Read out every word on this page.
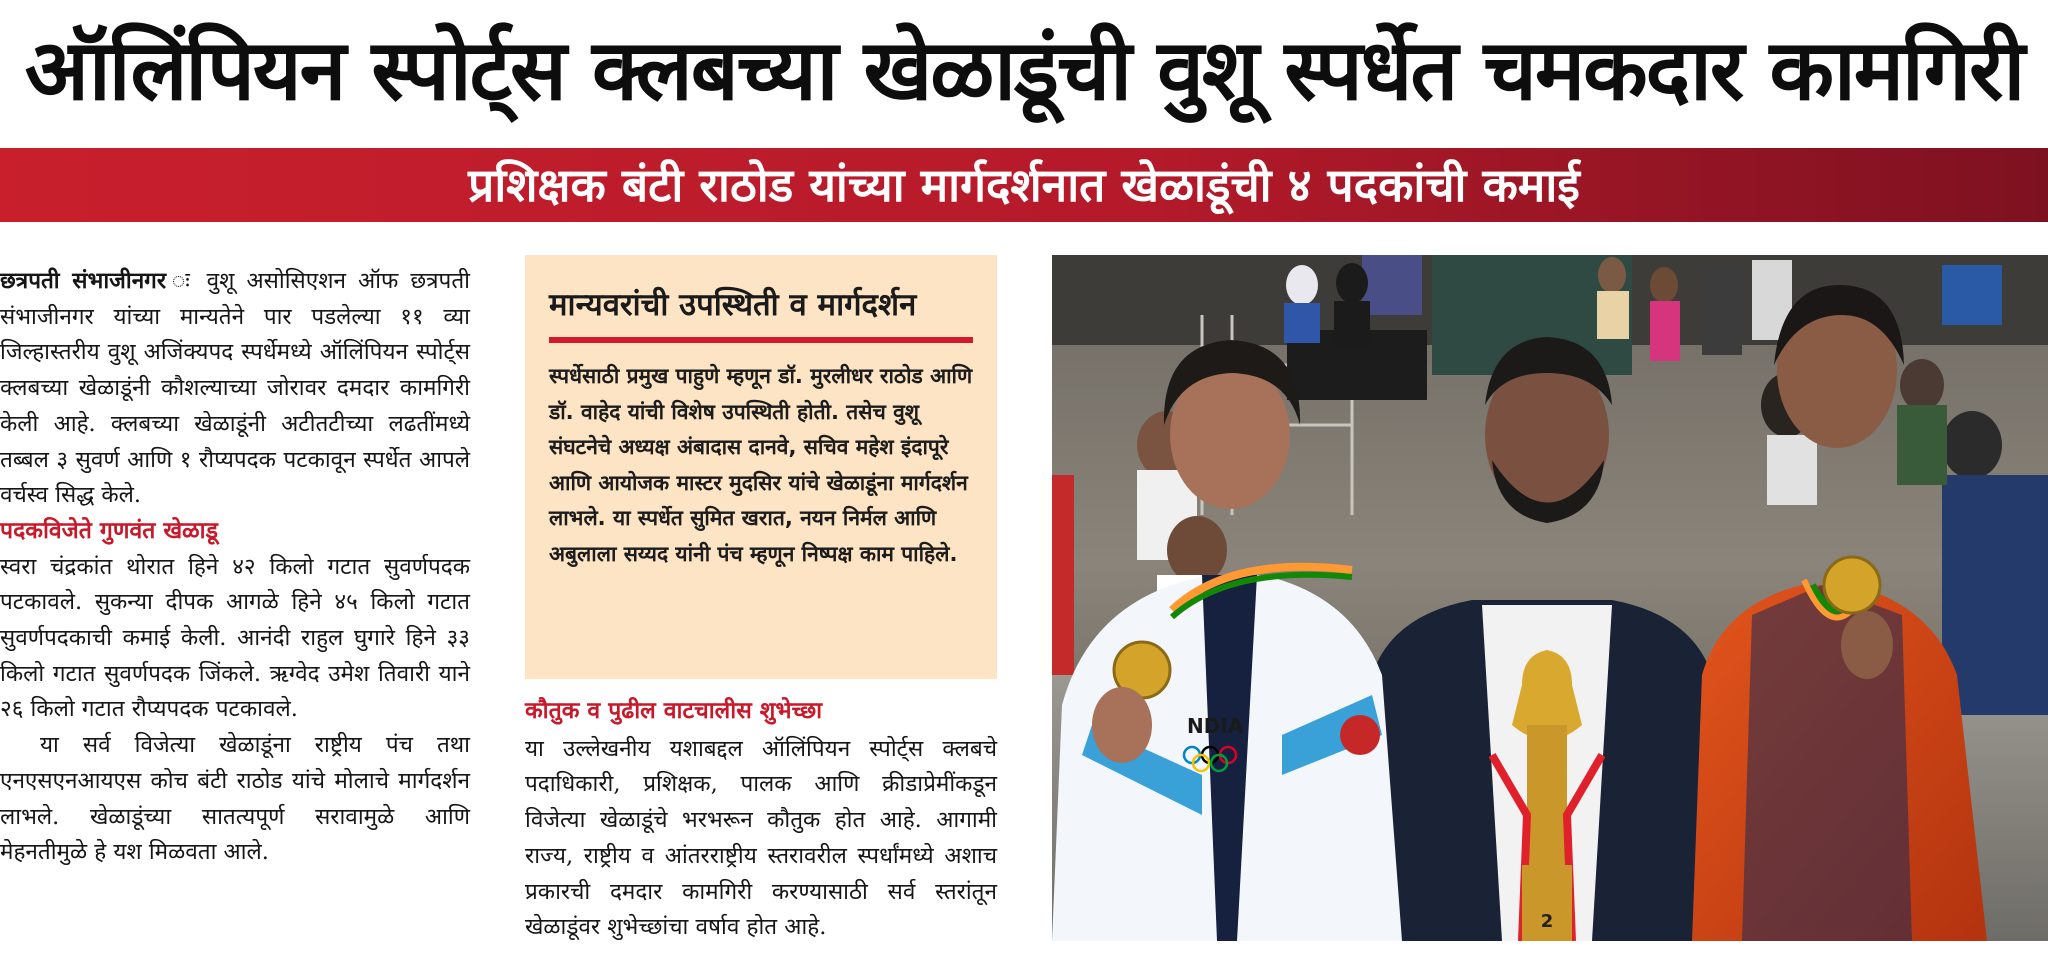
ऑलिंपियन स्पोर्ट्स क्लबच्या खेळाडूंची वुशू स्पर्धेत चमकदार कामगिरी
प्रशिक्षक बंटी राठोड यांच्या मार्गदर्शनात खेळाडूंची ४ पदकांची कमाई

छत्रपती संभाजीनगर ः वुशू असोसिएशन ऑफ छत्रपती संभाजीनगर यांच्या मान्यतेने पार पडलेल्या ११ व्या जिल्हास्तरीय वुशू अजिंक्यपद स्पर्धेमध्ये ऑलिंपियन स्पोर्ट्स क्लबच्या खेळाडूंनी कौशल्याच्या जोरावर दमदार कामगिरी केली आहे. क्लबच्या खेळाडूंनी अटीतटीच्या लढतींमध्ये तब्बल ३ सुवर्ण आणि १ रौप्यपदक पटकावून स्पर्धेत आपले वर्चस्व सिद्ध केले.

पदकविजेते गुणवंत खेळाडू

स्वरा चंद्रकांत थोरात हिने ४२ किलो गटात सुवर्णपदक पटकावले. सुकन्या दीपक आगळे हिने ४५ किलो गटात सुवर्णपदकाची कमाई केली. आनंदी राहुल घुगारे हिने ३३ किलो गटात सुवर्णपदक जिंकले. ऋग्वेद उमेश तिवारी याने २६ किलो गटात रौप्यपदक पटकावले.

या सर्व विजेत्या खेळाडूंना राष्ट्रीय पंच तथा एनएसएनआयएस कोच बंटी राठोड यांचे मोलाचे मार्गदर्शन लाभले. खेळाडूंच्या सातत्यपूर्ण सरावामुळे आणि मेहनतीमुळे हे यश मिळवता आले.

मान्यवरांची उपस्थिती व मार्गदर्शन

स्पर्धेसाठी प्रमुख पाहुणे म्हणून डॉ. मुरलीधर राठोड आणि डॉ. वाहेद यांची विशेष उपस्थिती होती. तसेच वुशू संघटनेचे अध्यक्ष अंबादास दानवे, सचिव महेश इंदापूरे आणि आयोजक मास्टर मुदसिर यांचे खेळाडूंना मार्गदर्शन लाभले. या स्पर्धेत सुमित खरात, नयन निर्मल आणि अबुलाला सय्यद यांनी पंच म्हणून निष्पक्ष काम पाहिले.

कौतुक व पुढील वाटचालीस शुभेच्छा

या उल्लेखनीय यशाबद्दल ऑलिंपियन स्पोर्ट्स क्लबचे पदाधिकारी, प्रशिक्षक, पालक आणि क्रीडाप्रेमींकडून विजेत्या खेळाडूंचे भरभरून कौतुक होत आहे. आगामी राज्य, राष्ट्रीय व आंतरराष्ट्रीय स्तरावरील स्पर्धांमध्ये अशाच प्रकारची दमदार कामगिरी करण्यासाठी सर्व स्तरांतून खेळाडूंवर शुभेच्छांचा वर्षाव होत आहे.	2
NDIA
